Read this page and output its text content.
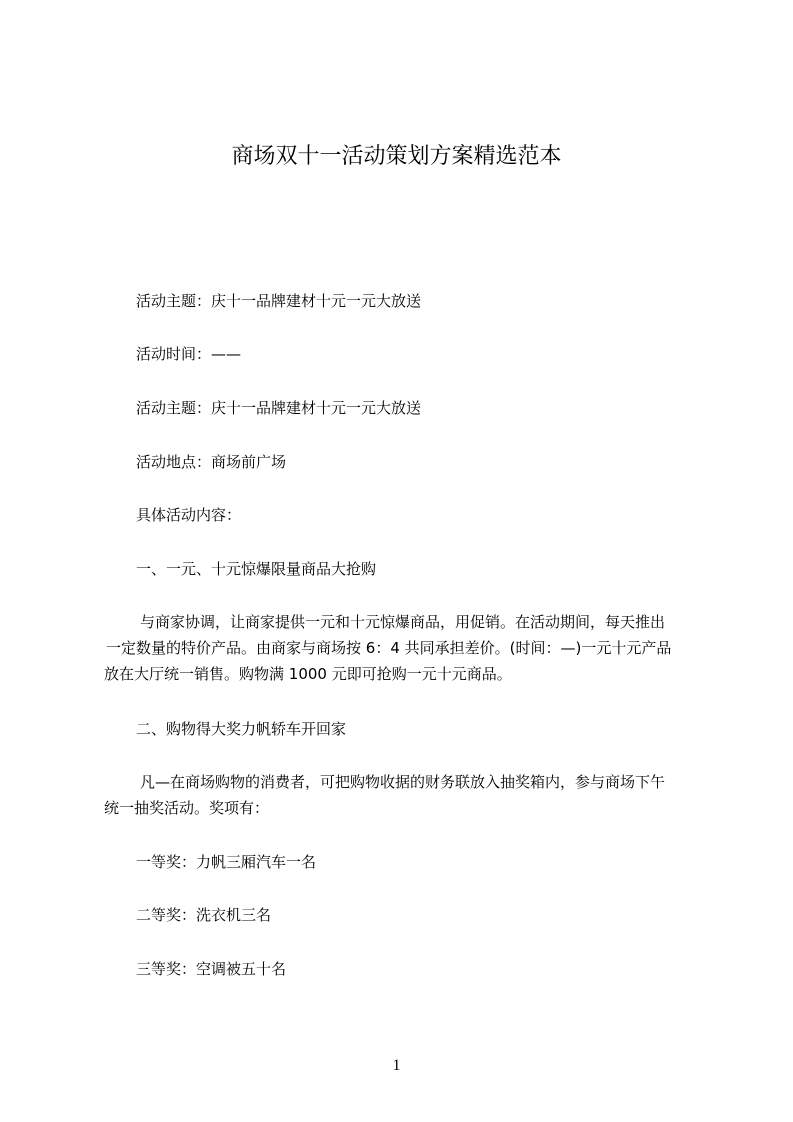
商场双十一活动策划方案精选范本
活动主题：庆十一品牌建材十元一元大放送
活动时间：——
活动主题：庆十一品牌建材十元一元大放送
活动地点：商场前广场
具体活动内容：
一、一元、十元惊爆限量商品大抢购
与商家协调，让商家提供一元和十元惊爆商品，用促销。在活动期间，每天推出
一定数量的特价产品。由商家与商场按 6：4 共同承担差价。(时间：—)一元十元产品
放在大厅统一销售。购物满 1000 元即可抢购一元十元商品。
二、购物得大奖力帆轿车开回家
凡—在商场购物的消费者，可把购物收据的财务联放入抽奖箱内，参与商场下午
统一抽奖活动。奖项有：
一等奖：力帆三厢汽车一名
二等奖：洗衣机三名
三等奖：空调被五十名
1
